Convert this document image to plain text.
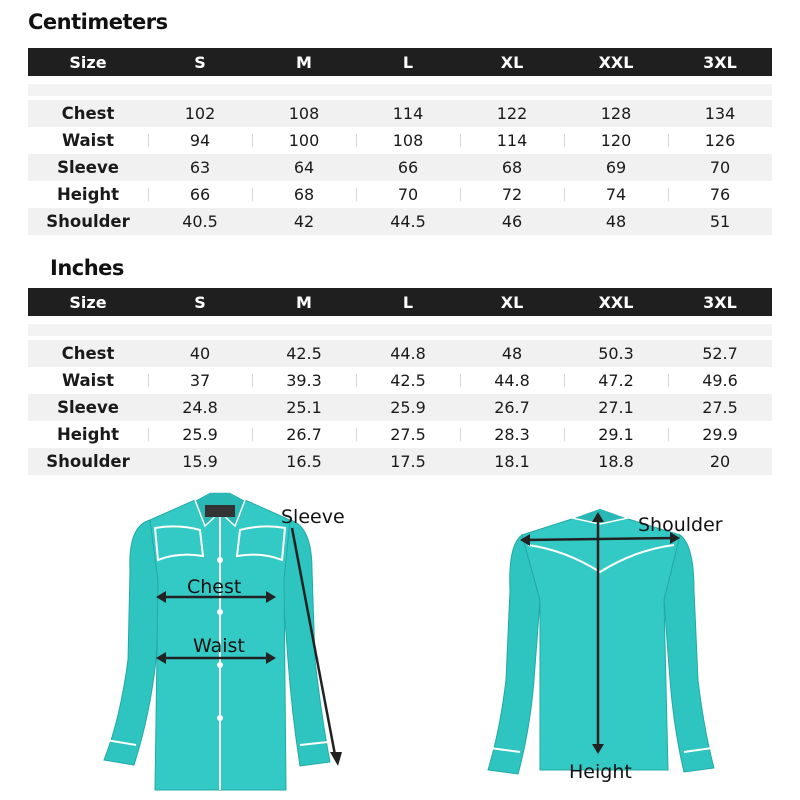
Centimeters
Size	S	M	L	XL	XXL	3XL
Chest	102	108	114	122	128	134
Waist	94	100	108	114	120	126
Sleeve	63	64	66	68	69	70
Height	66	68	70	72	74	76
Shoulder	40.5	42	44.5	46	48	51
Inches
Size	S	M	L	XL	XXL	3XL
Chest	40	42.5	44.8	48	50.3	52.7
Waist	37	39.3	42.5	44.8	47.2	49.6
Sleeve	24.8	25.1	25.9	26.7	27.1	27.5
Height	25.9	26.7	27.5	28.3	29.1	29.9
Shoulder	15.9	16.5	17.5	18.1	18.8	20
Sleeve
Chest
Waist
Shoulder
Height
